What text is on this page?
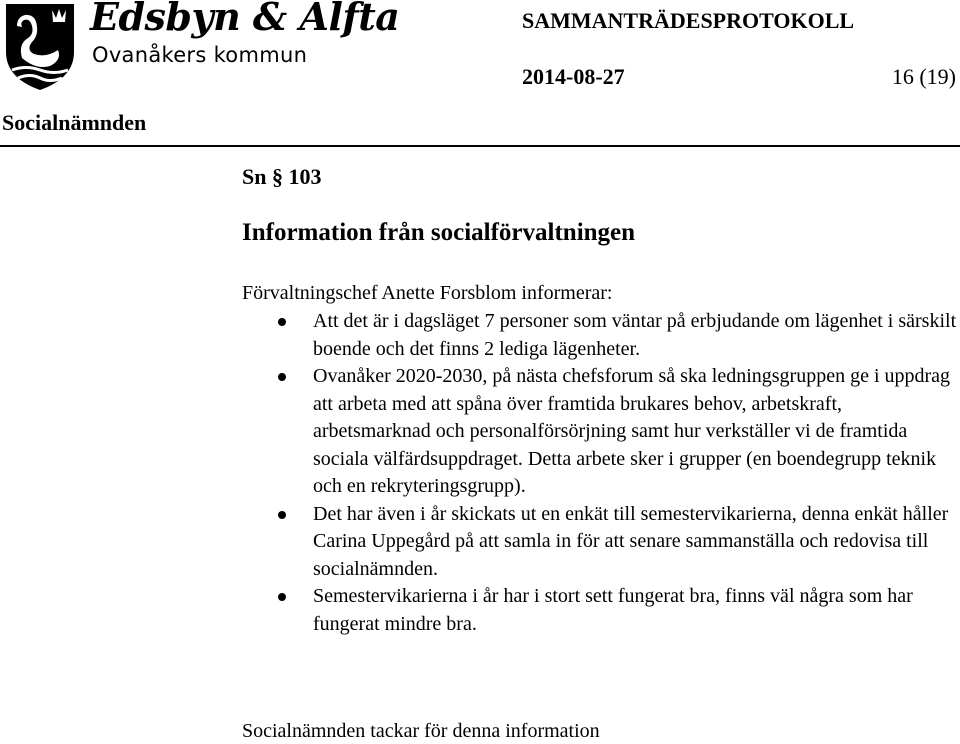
Edsbyn & Alfta
Ovanåkers kommun
SAMMANTRÄDESPROTOKOLL
2014-08-27	16 (19)
Socialnämnden
Sn § 103
Information från socialförvaltningen
Förvaltningschef Anette Forsblom informerar:
Att det är i dagsläget 7 personer som väntar på erbjudande om lägenhet i särskilt boende och det finns 2 lediga lägenheter.
Ovanåker 2020-2030, på nästa chefsforum så ska ledningsgruppen ge i uppdrag att arbeta med att spåna över framtida brukares behov, arbetskraft, arbetsmarknad och personalförsörjning samt hur verkställer vi de framtida sociala välfärdsuppdraget. Detta arbete sker i grupper (en boendegrupp teknik och en rekryteringsgrupp).
Det har även i år skickats ut en enkät till semestervikarierna, denna enkät håller Carina Uppegård på att samla in för att senare sammanställa och redovisa till socialnämnden.
Semestervikarierna i år har i stort sett fungerat bra, finns väl några som har fungerat mindre bra.
Socialnämnden tackar för denna information
